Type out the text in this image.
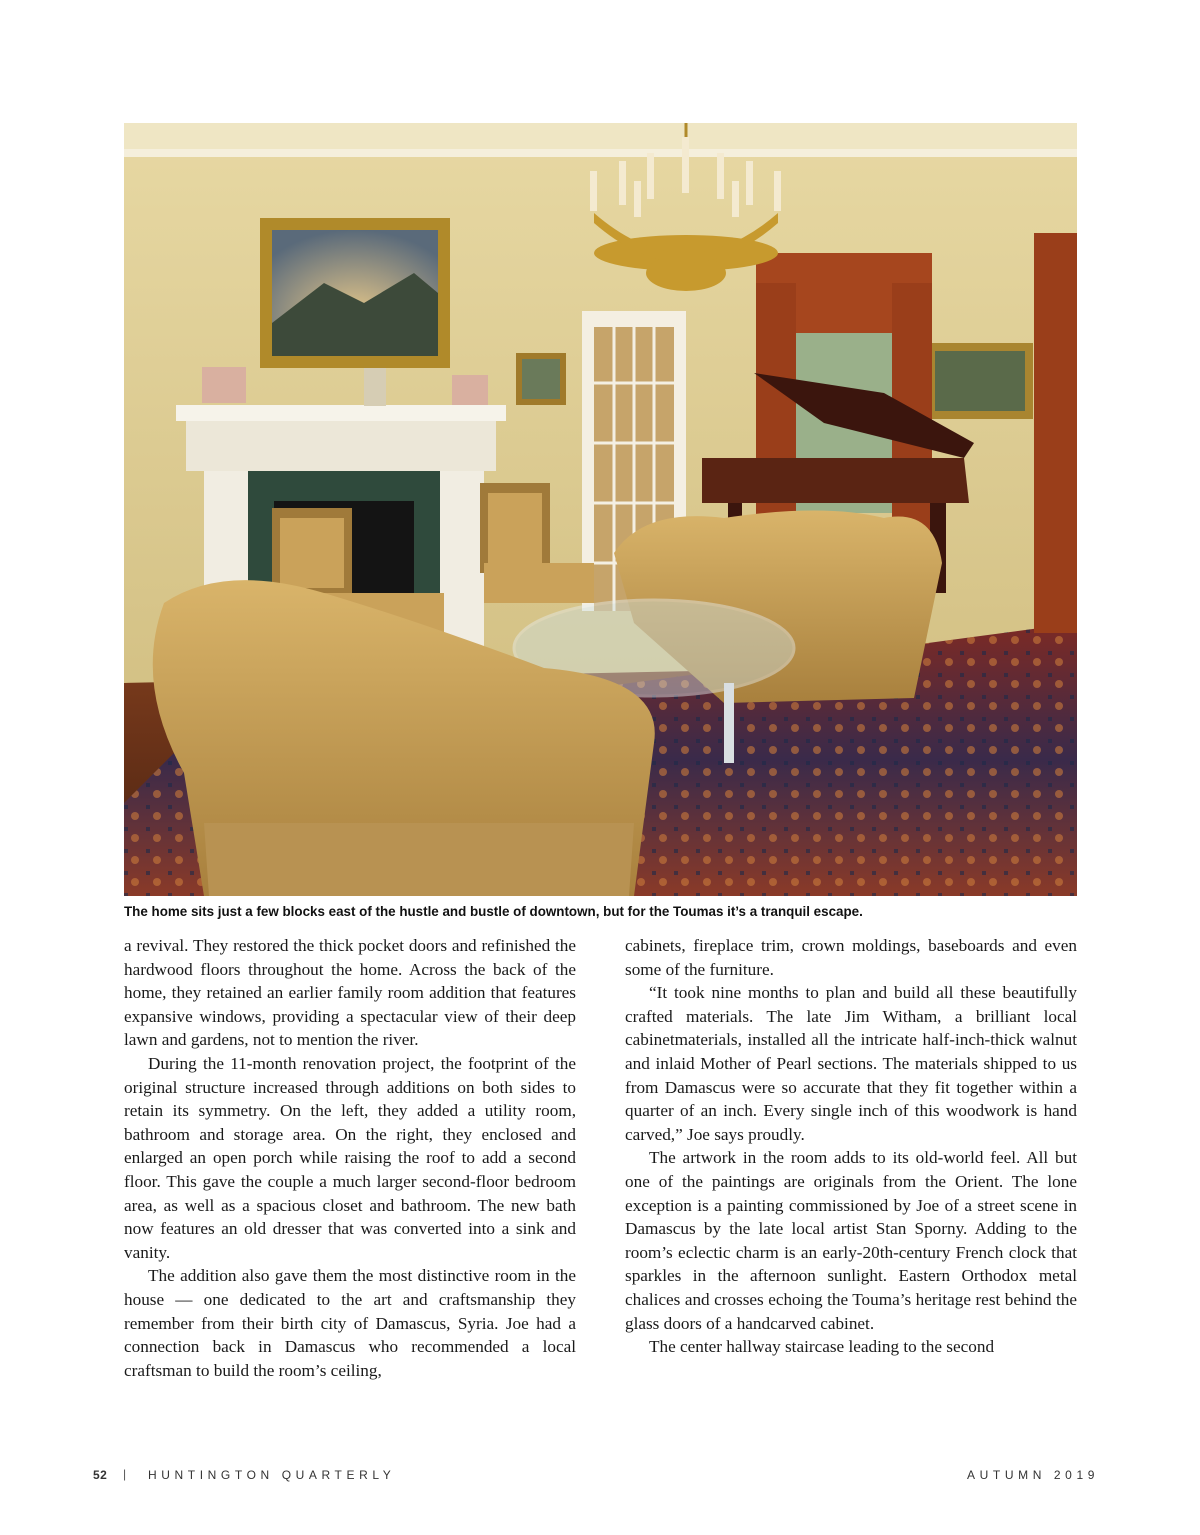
The home sits just a few blocks east of the hustle and bustle of downtown, but for the Toumas it’s a tranquil escape.

a revival. They restored the thick pocket doors and refinished the hardwood floors throughout the home. Across the back of the home, they retained an earlier family room addition that features expansive windows, providing a spectacular view of their deep lawn and gardens, not to mention the river.

During the 11-month renovation project, the footprint of the original structure increased through additions on both sides to retain its symmetry. On the left, they added a utility room, bathroom and storage area. On the right, they enclosed and enlarged an open porch while raising the roof to add a second floor. This gave the couple a much larger second-floor bedroom area, as well as a spacious closet and bathroom. The new bath now features an old dresser that was converted into a sink and vanity.

The addition also gave them the most distinctive room in the house — one dedicated to the art and craftsmanship they remember from their birth city of Damascus, Syria. Joe had a connection back in Damascus who recommended a local craftsman to build the room’s ceiling,

cabinets, fireplace trim, crown moldings, baseboards and even some of the furniture.

“It took nine months to plan and build all these beautifully crafted materials. The late Jim Witham, a brilliant local cabinetmaterials, installed all the intricate half-inch-thick walnut and inlaid Mother of Pearl sections. The materials shipped to us from Damascus were so accurate that they fit together within a quarter of an inch. Every single inch of this woodwork is hand carved,” Joe says proudly.

The artwork in the room adds to its old-world feel. All but one of the paintings are originals from the Orient. The lone exception is a painting commissioned by Joe of a street scene in Damascus by the late local artist Stan Sporny. Adding to the room’s eclectic charm is an early-20th-century French clock that sparkles in the afternoon sunlight. Eastern Orthodox metal chalices and crosses echoing the Touma’s heritage rest behind the glass doors of a handcarved cabinet.

The center hallway staircase leading to the second

52 | HUNTINGTON QUARTERLY	AUTUMN 2019
